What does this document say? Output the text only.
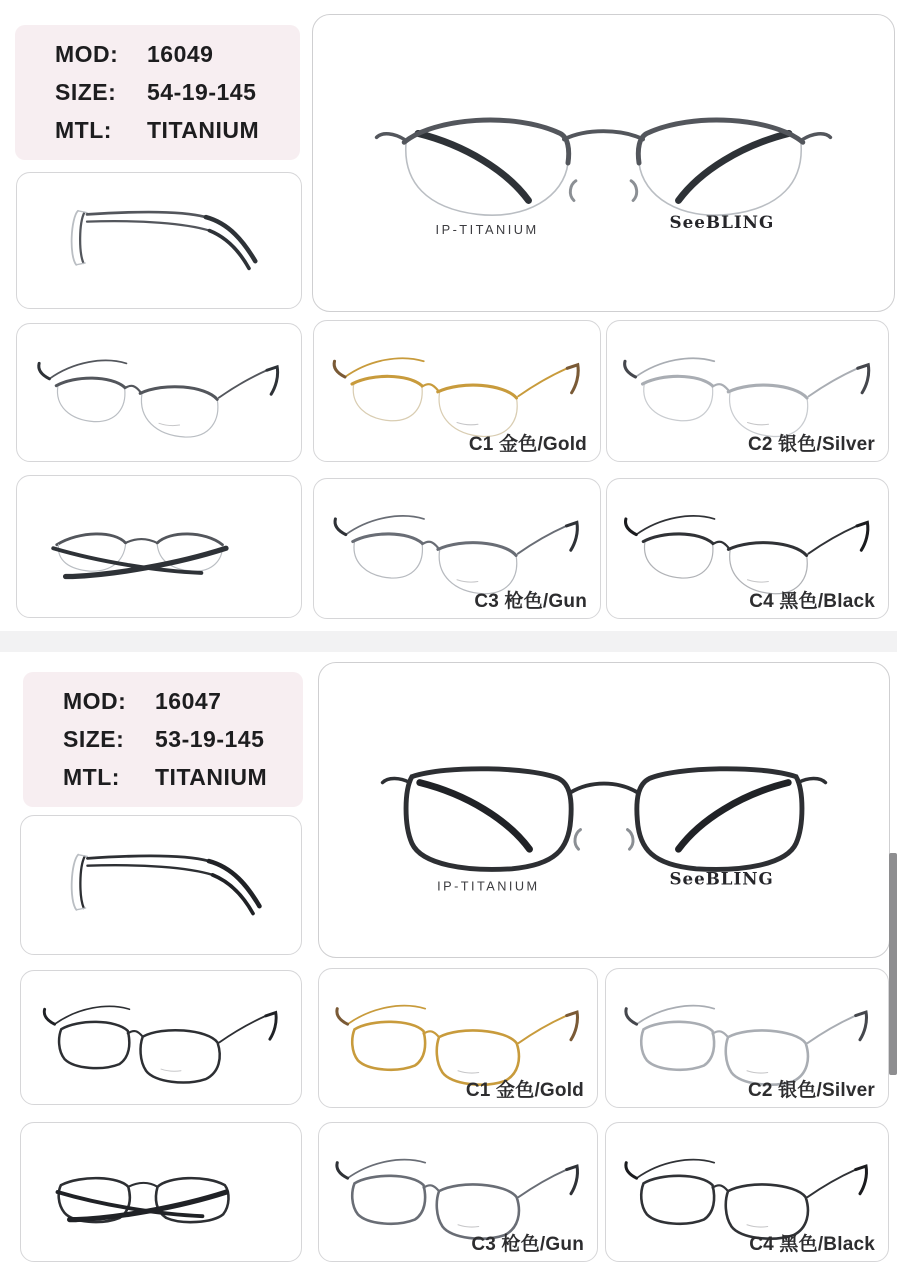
MOD:	16049
SIZE:	54-19-145
MTL:	TITANIUM
IP-TITANIUM	SeeBLING
C1 金色/Gold	C2 银色/Silver
C3 枪色/Gun	C4 黑色/Black
MOD:	16047
SIZE:	53-19-145
MTL:	TITANIUM
IP-TITANIUM	SeeBLING
C1 金色/Gold	C2 银色/Silver
C3 枪色/Gun	C4 黑色/Black
